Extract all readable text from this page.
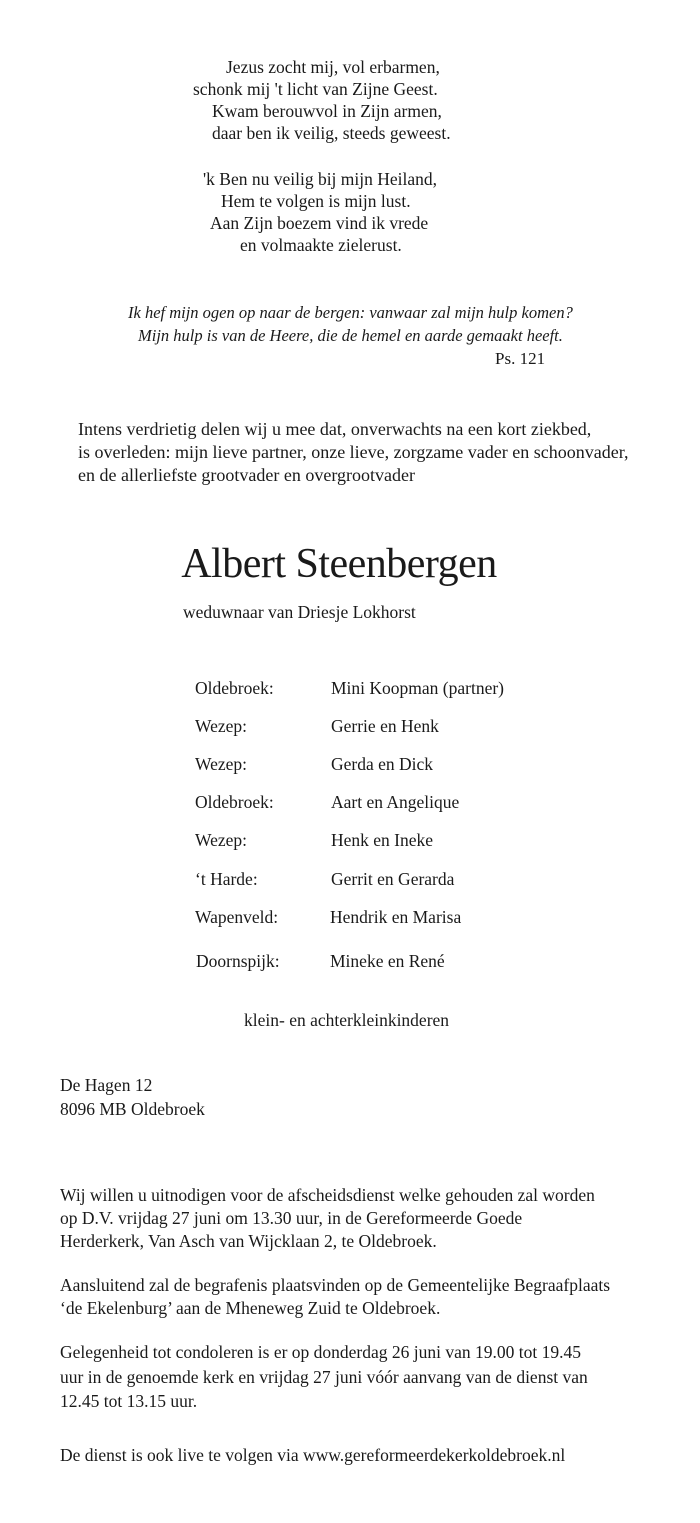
Jezus zocht mij, vol erbarmen,
schonk mij 't licht van Zijne Geest.
Kwam berouwvol in Zijn armen,
daar ben ik veilig, steeds geweest.
'k Ben nu veilig bij mijn Heiland,
Hem te volgen is mijn lust.
Aan Zijn boezem vind ik vrede
en volmaakte zielerust.
Ik hef mijn ogen op naar de bergen: vanwaar zal mijn hulp komen?
Mijn hulp is van de Heere, die de hemel en aarde gemaakt heeft.
Ps. 121
Intens verdrietig delen wij u mee dat, onverwachts na een kort ziekbed,
is overleden: mijn lieve partner, onze lieve, zorgzame vader en schoonvader,
en de allerliefste grootvader en overgrootvader
Albert Steenbergen
weduwnaar van Driesje Lokhorst
Oldebroek:	Mini Koopman (partner)
Wezep:	Gerrie en Henk
Wezep:	Gerda en Dick
Oldebroek:	Aart en Angelique
Wezep:	Henk en Ineke
‘t Harde:	Gerrit en Gerarda
Wapenveld:	Hendrik en Marisa
Doornspijk:	Mineke en René
klein- en achterkleinkinderen
De Hagen 12
8096 MB Oldebroek
Wij willen u uitnodigen voor de afscheidsdienst welke gehouden zal worden
op D.V. vrijdag 27 juni om 13.30 uur, in de Gereformeerde Goede
Herderkerk, Van Asch van Wijcklaan 2, te Oldebroek.
Aansluitend zal de begrafenis plaatsvinden op de Gemeentelijke Begraafplaats
‘de Ekelenburg’ aan de Mheneweg Zuid te Oldebroek.
Gelegenheid tot condoleren is er op donderdag 26 juni van 19.00 tot 19.45
uur in de genoemde kerk en vrijdag 27 juni vóór aanvang van de dienst van
12.45 tot 13.15 uur.
De dienst is ook live te volgen via www.gereformeerdekerkoldebroek.nl
